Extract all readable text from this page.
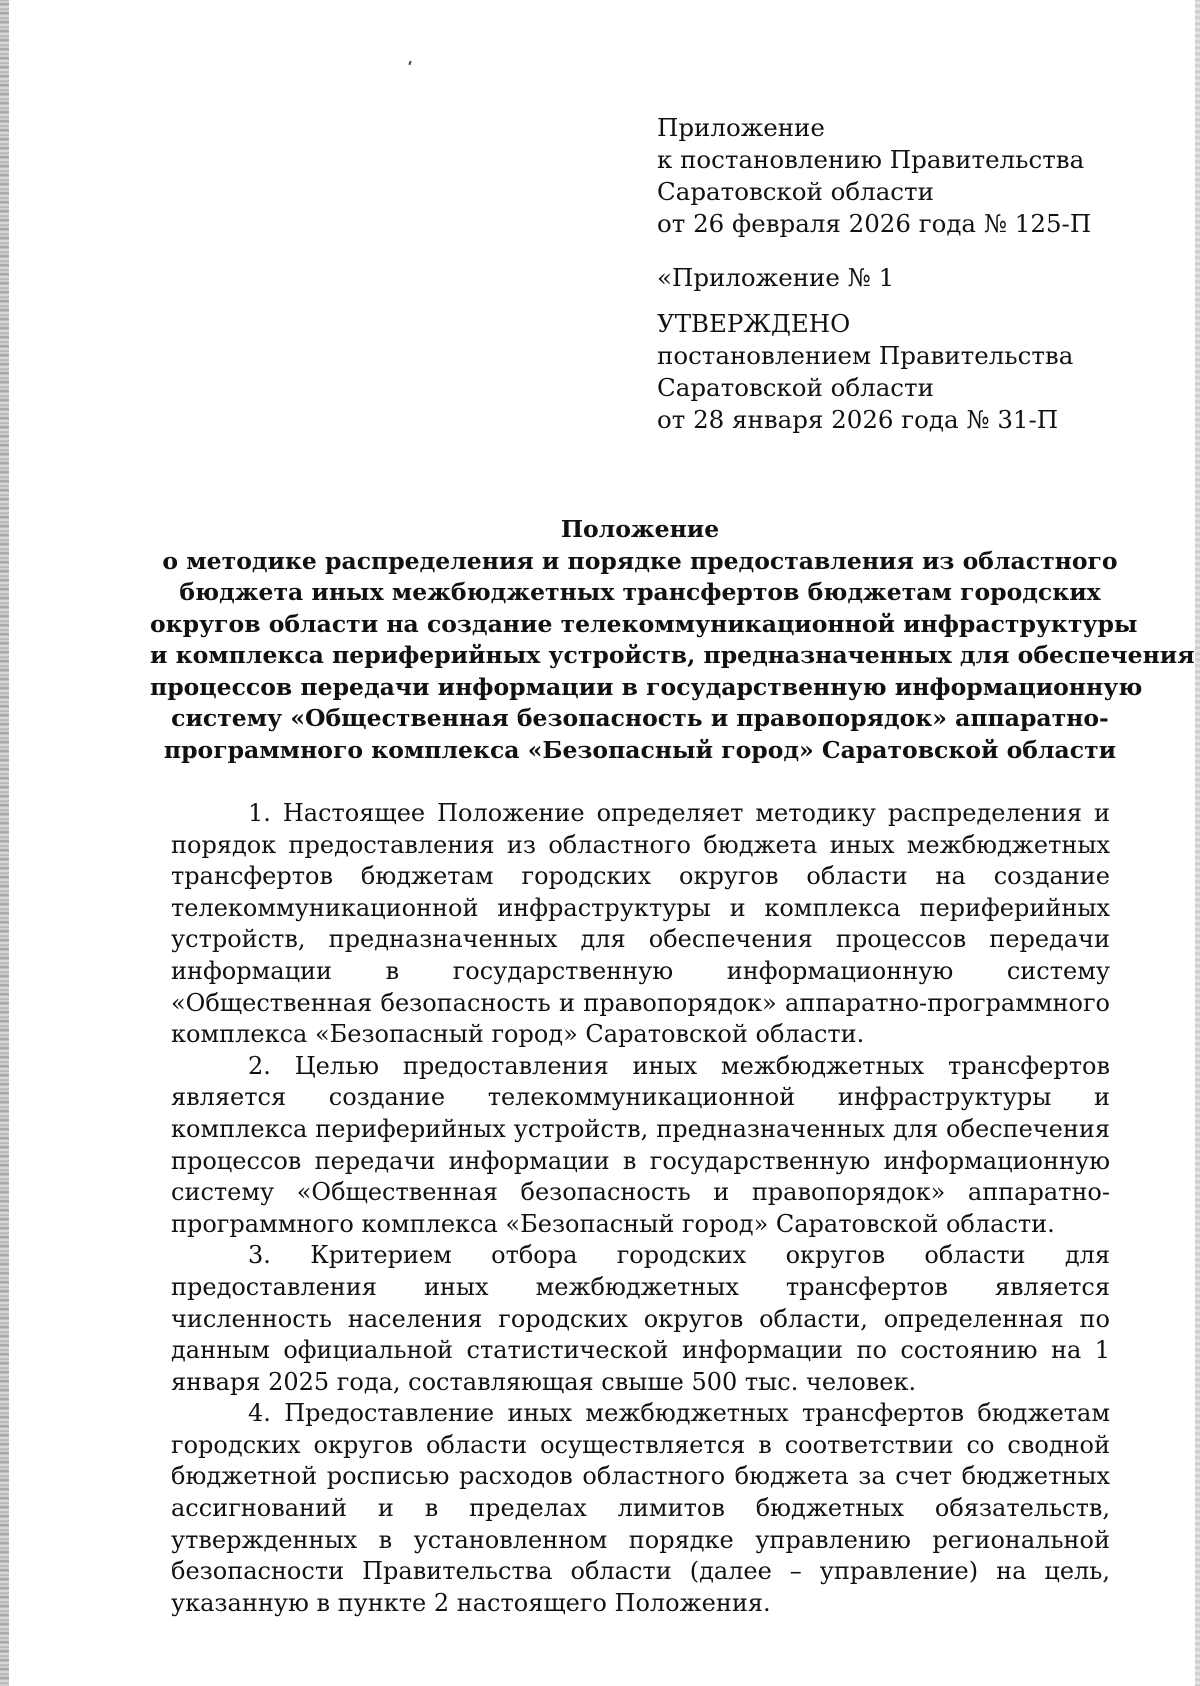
Приложение
к постановлению Правительства
Саратовской области
от 26 февраля 2026 года № 125-П
«Приложение № 1
УТВЕРЖДЕНО
постановлением Правительства
Саратовской области
от 28 января 2026 года № 31-П
Положение
о методике распределения и порядке предоставления из областного
бюджета иных межбюджетных трансфертов бюджетам городских
округов области на создание телекоммуникационной инфраструктуры
и комплекса периферийных устройств, предназначенных для обеспечения
процессов передачи информации в государственную информационную
систему «Общественная безопасность и правопорядок» аппаратно-
программного комплекса «Безопасный город» Саратовской области

1. Настоящее Положение определяет методику распределения и порядок предоставления из областного бюджета иных межбюджетных трансфертов бюджетам городских округов области на создание телекоммуникационной инфраструктуры и комплекса периферийных устройств, предназначенных для обеспечения процессов передачи информации в государственную информационную систему «Общественная безопасность и правопорядок» аппаратно-программного комплекса «Безопасный город» Саратовской области.

2. Целью предоставления иных межбюджетных трансфертов является создание телекоммуникационной инфраструктуры и комплекса периферийных устройств, предназначенных для обеспечения процессов передачи информации в государственную информационную систему «Общественная безопасность и правопорядок» аппаратно-программного комплекса «Безопасный город» Саратовской области.

3. Критерием отбора городских округов области для предоставления иных межбюджетных трансфертов является численность населения городских округов области, определенная по данным официальной статистической информации по состоянию на 1 января 2025 года, составляющая свыше 500 тыс. человек.

4. Предоставление иных межбюджетных трансфертов бюджетам городских округов области осуществляется в соответствии со сводной бюджетной росписью расходов областного бюджета за счет бюджетных ассигнований и в пределах лимитов бюджетных обязательств, утвержденных в установленном порядке управлению региональной безопасности Правительства области (далее – управление) на цель, указанную в пункте 2 настоящего Положения.
